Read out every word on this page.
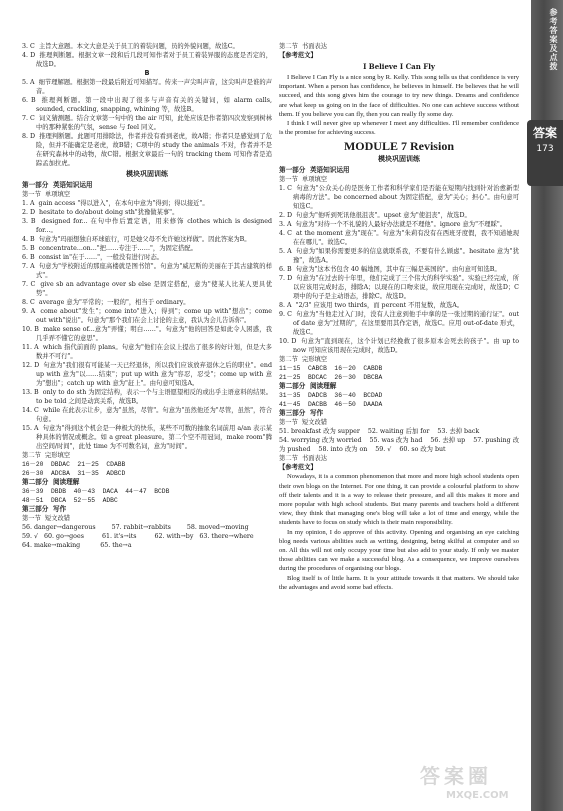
3. C  主旨大意题。本文大意是关于员工的着装问题，员的外貌问题，故选C。
4. D  推理判断题。根据文章一段和后几段可知作者对于员工着装异服的态度是否定的，故选D。
B
5. A  细节理解题。根据第一段最后附近可知描写。传来一声尖叫声音，这尖叫声是谁的声音。
6. B  推理判断题。第一段中出现了很多与声音有关的关键词，如 alarm calls, sounded, crackling, snapping, whining 等，故选B。
7. C  词义猜测题。结合文章第一句中的 the air 可知，此处应该是作者第四次发察到树林中的那种紧张的气氛，sense 与 feel 同义。
8. D  推理判断题。此题可用排除法，作者并没有看到老虎，故A错；作者只是感觉到了危险，但并不能确定是老虎，故B错；C项中的 study the animals 不对，作者并不是在研究森林中的动物，故C错。根据文章最后一句的 tracking them 可知作者是追踪孟加拉虎。
模块巩固训练
第一部分  英语知识运用
第一节  单项填空
1. A  gain access "得以进入"，在本句中意为"得到；得以接近"。
2. D  hesitate to do/about doing sth"犹豫做某事"。
3. B  designed for... 在句中作后置定语，用来修饰 clothes which is designed for...。
4. B  句意为"玛丽想独自环球旅行，可是她父母不允许她这样做"。因此答案为B。
5. B  concentrate...on..."把……专注于……"，为固定搭配。
6. B  consist in"在于……"，一般没有进行时态。
7. A  句意为"学校附近的那座高楼就是图书馆"。句意为"威尼斯的美丽在于其古建筑的样式"。
7. C  give sb an advantage over sb else 是固定搭配，意为"使某人比某人更具优势"。
8. C  average 意为"平常的；一般的"，相当于 ordinary。
9. A  come about"发生"；come into"进入；得到"；come up with"想出"；come out with"说出"。句意为"那个我们在会上讨论的主意，我认为会儿告诉你"。
10. B  make sense of...意为"弄懂；明白……"。句意为"他的回答是如此令人困惑，我几乎弄不懂它的意思"。
11. A  which 指代前面的 plans。句意为"他们在会议上提出了很多的好计划，但是大多数并不可行"。
12. D  句意为"我们很有可能某一天已经退休，所以我们应该放弃退休之后的职业"。end up with 意为"以……结束"；put up with 意为"容忍，忍受"；come up with 意为"想出"；catch up with 意为"赶上"。由句意可知选A。
13. B  only to do sth 为固定结构，表示一个与主语愿望相反的或出乎主语意料的结果。to be told 之间是动宾关系，故选B。
14. C  while 在此表示让步，意为"虽然，尽管"。句意为"虽然他还为"尽管，虽然"，符合句意。
15. A  句意为"得到这个机会是一种极大的快乐，某些不可数的抽象名词前用 a/an 表示某种具体的情况或概念。如 a great pleasure。第二个空不用冠词，make room"腾出空间/时间"，此处 time 为不可数名词，意为"时间"。
第二节  完形填空
16－20  DBDAC  21－25  CDABB
26－30  ADCBA  31－35  ADBCD
第二部分  阅读理解
36－39  DBDB  40－43  DACA  44－47  BCDB
48－51  DBCA  52－55  ADBC
第三部分  写作
第一节  短文改错
56. danger→dangerous        57. rabbit→rabbits        58. moved→moving
59. √   60. go→goes         61. it's→its         62. with→by   63. there→where
64. make→making          65. the→a
第二节  书面表达
【参考范文】
I Believe I Can Fly
I Believe I Can Fly is a nice song by R. Kelly. This song tells us that confidence is very important. When a person has confidence, he believes in himself. He believes that he will succeed, and this song gives him the courage to try new things. Dreams and confidence are what keep us going on in the face of difficulties. No one can achieve success without them. If you believe you can fly, then you can really fly some day.
I think I will never give up whenever I meet any difficulties. I'll remember confidence is the promise for achieving success.
MODULE 7 Revision
模块巩固训练
第一部分  英语知识运用
第一节  单项填空
1. C  句意为"公众关心的是医务工作者和科学家们是否能在短期内找到针对治愈新型病毒的方法"。be concerned about 为固定搭配，意为"关心；担心"。由句意可知选C。
2. D  句意为"他听到死讯他很沮丧"。upset 意为"使沮丧"，故选D。
3. A  句意为"对待一个不礼貌的人最好办法就是不理他"。ignore 意为"不理睬"。
4. C  at the moment 意为"现在"。句意为"朱莉有没有在西班牙度假，我不知道她现在在哪儿"。故选C。
5. A  句意为"如果你需要更多的信息就联系我，不要有什么顾虑"。hesitate 意为"犹豫"，故选A。
6. B  句意为"这本书包含 40 幅地图，其中有三幅是英国的"。由句意可知选B。
7. D  句意为"在过去的十年里，他们完成了三个伟大的科学实验"。实验已经完成，所以应该用完成时态，排除A；以现在的口吻来说，故应用现在完成时，故选D；C项中的句子是主动语态，排除C。故选D。
8. A  "2/3" 应该用 two thirds，而 percent 不用复数，故选A。
9. C  句意为"当他走过入门时，没有人注意到他手中拿的是一张过期的通行证"。out of date 意为"过期的"，在这里要用其作定语，故选C。应用 out-of-date 形式，故选C。
10. D  句意为"直到现在，这个计划已经挽救了很多原本会死去的孩子"。由 up to now 可知应该用现在完成时，故选D。
第二节  完形填空
11－15  CABCB  16－20  CABDB
21－25  BDCAC  26－30  DBCBA
第二部分  阅读理解
31－35  DADCB  36－40  BCDAD
41－45  DACBB  46－50  DAADA
第三部分  写作
第一节  短文改错
51. breakfast 改为 supper    52. waiting 后加 for    53. 去掉 back
54. worrying 改为 worried    55. was 改为 had    56. 去掉 up    57. pushing 改为 pushed    58. into 改为 on    59. √    60. so 改为 but
第二节  书面表达
【参考范文】
Nowadays, it is a common phenomenon that more and more high school students open their own blogs on the Internet. For one thing, it can provide a colourful platform to show off their talents and it is a way to release their pressure, and all this makes it more and more popular with high school students. But many parents and teachers hold a different view, they think that managing one's blog will take a lot of time and energy, while the students have to focus on study which is their main responsibility.
In my opinion, I do approve of this activity. Opening and organising an eye catching blog needs various abilities such as writing, designing, being skilful at computer and so on. All this will not only occupy your time but also add to your study. If only we master those abilities can we make a successful blog. As a consequence, we improve ourselves during the procedures of organising our blogs.
Blog itself is of little harm. It is your attitude towards it that matters. We should take the advantages and avoid some bad effects.
参考答案及点拨
答案
173
答案圈
MXQE.COM
